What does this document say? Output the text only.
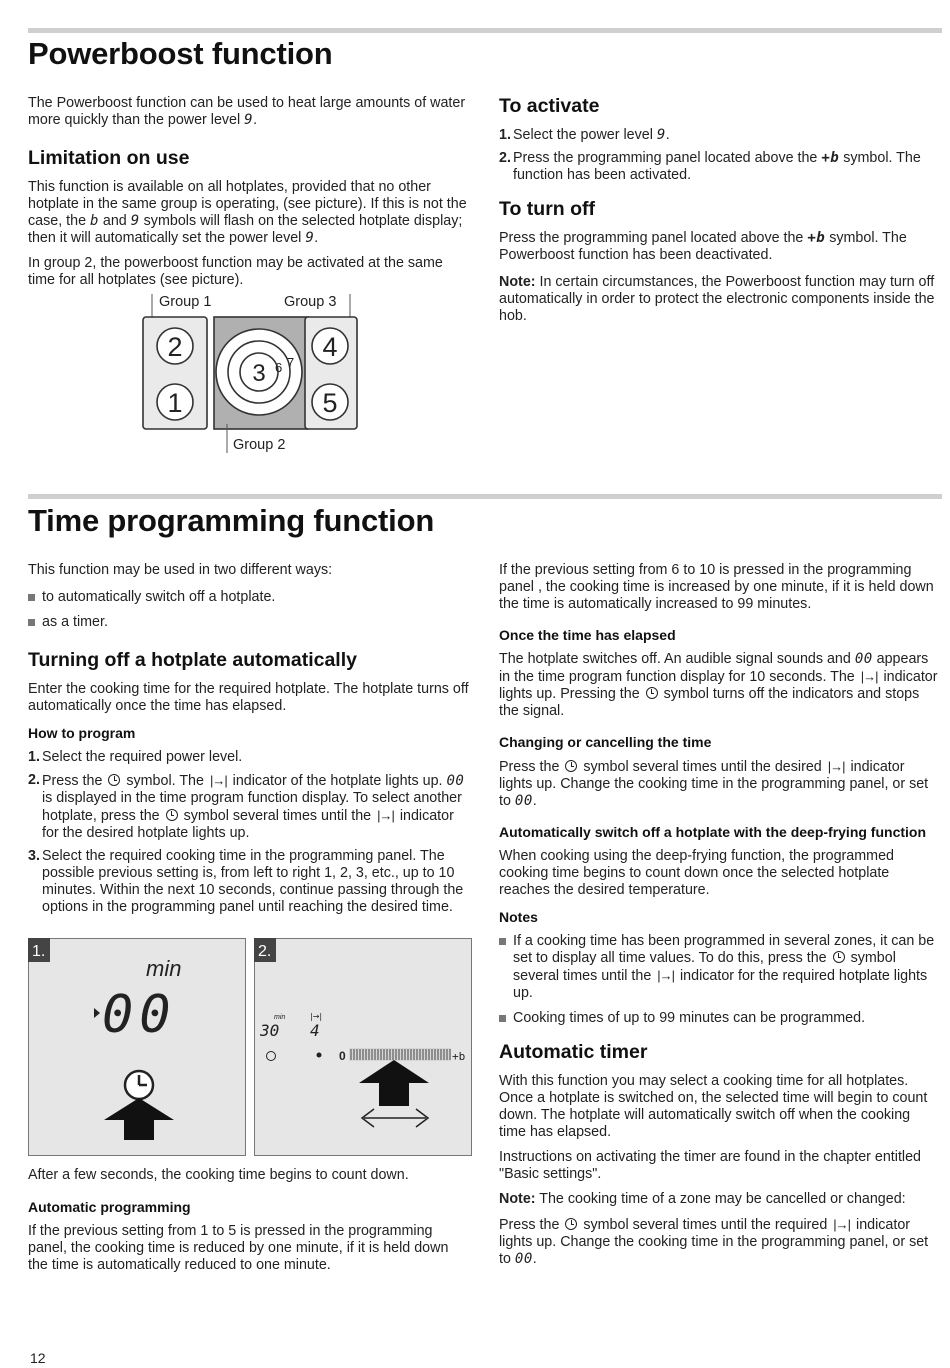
Powerboost function

The Powerboost function can be used to heat large amounts of water more quickly than the power level 9.

Limitation on use

This function is available on all hotplates, provided that no other hotplate in the same group is operating, (see picture). If this is not the case, the b and 9 symbols will flash on the selected hotplate display; then it will automatically set the power level 9.

In group 2, the powerboost function may be activated at the same time for all hotplates (see picture).

Group 1	Group 3
2
1
3 6 7
4
5
Group 2
To activate
1. Select the power level 9.
2. Press the programming panel located above the +b symbol. The function has been activated.
To turn off

Press the programming panel located above the +b symbol. The Powerboost function has been deactivated.

Note: In certain circumstances, the Powerboost function may turn off automatically in order to protect the electronic components inside the hob.

Time programming function

This function may be used in two different ways:

to automatically switch off a hotplate.
as a timer.
Turning off a hotplate automatically

Enter the cooking time for the required hotplate. The hotplate turns off automatically once the time has elapsed.

How to program
1. Select the required power level.
2. Press the  symbol. The |→| indicator of the hotplate lights up. 00 is displayed in the time program function display. To select another hotplate, press the  symbol several times until the |→| indicator for the desired hotplate lights up.
3. Select the required cooking time in the programming panel. The possible previous setting is, from left to right 1, 2, 3, etc., up to 10 minutes. Within the next 10 seconds, continue passing through the options in the programming panel until reaching the desired time.
1.
min
00
2.
min	|→|
30 4
0	+b
After a few seconds, the cooking time begins to count down.
Automatic programming

If the previous setting from 1 to 5 is pressed in the programming panel, the cooking time is reduced by one minute, if it is held down the time is automatically reduced to one minute.

If the previous setting from 6 to 10 is pressed in the programming panel , the cooking time is increased by one minute, if it is held down the time is automatically increased to 99 minutes.

Once the time has elapsed

The hotplate switches off. An audible signal sounds and 00 appears in the time program function display for 10 seconds. The |→| indicator lights up. Pressing the  symbol turns off the indicators and stops the signal.

Changing or cancelling the time

Press the  symbol several times until the desired |→| indicator lights up. Change the cooking time in the programming panel, or set to 00.

Automatically switch off a hotplate with the deep-frying function

When cooking using the deep-frying function, the programmed cooking time begins to count down once the selected hotplate reaches the desired temperature.

Notes
If a cooking time has been programmed in several zones, it can be set to display all time values. To do this, press the  symbol several times until the |→| indicator for the required hotplate lights up.
Cooking times of up to 99 minutes can be programmed.
Automatic timer

With this function you may select a cooking time for all hotplates. Once a hotplate is switched on, the selected time will begin to count down. The hotplate will automatically switch off when the cooking time has elapsed.

Instructions on activating the timer are found in the chapter entitled "Basic settings".

Note: The cooking time of a zone may be cancelled or changed:

Press the  symbol several times until the required |→| indicator lights up. Change the cooking time in the programming panel, or set to 00.

12
